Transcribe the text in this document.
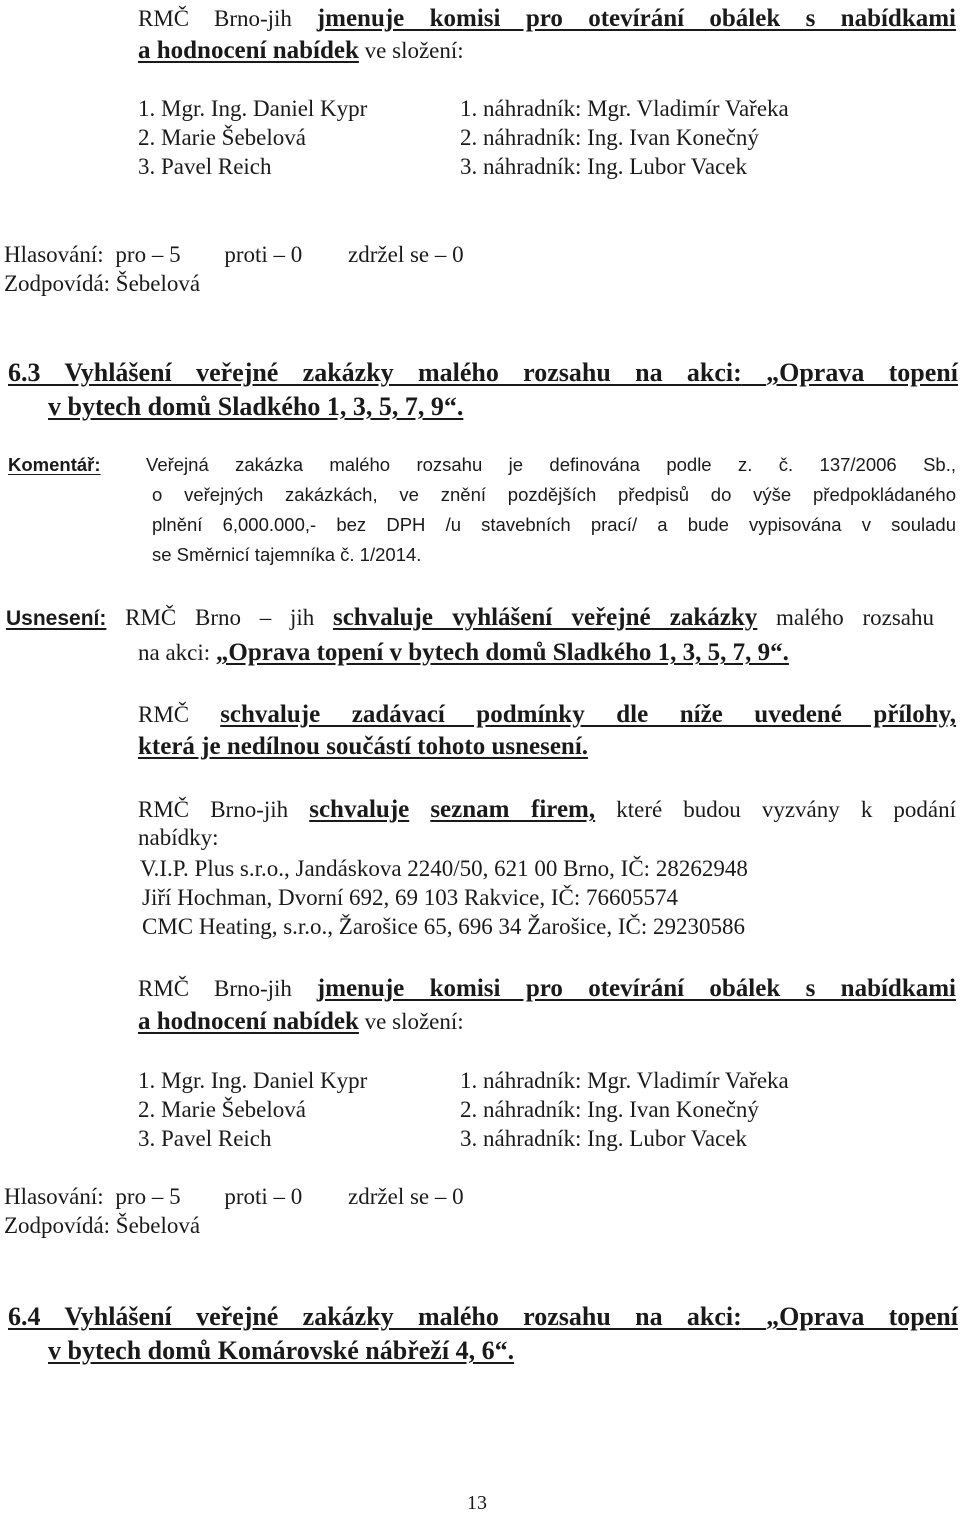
RMČ Brno-jih jmenuje komisi pro otevírání obálek s nabídkami
a hodnocení nabídek ve složení:
1. Mgr. Ing. Daniel Kypr	1. náhradník: Mgr. Vladimír Vařeka
2. Marie Šebelová	2. náhradník: Ing. Ivan Konečný
3. Pavel Reich	3. náhradník: Ing. Lubor Vacek
Hlasování: pro – 5 proti – 0 zdržel se – 0
Zodpovídá: Šebelová
6.3 Vyhlášení veřejné zakázky malého rozsahu na akci: „Oprava topení
v bytech domů Sladkého 1, 3, 5, 7, 9“.
Komentář: Veřejná zakázka malého rozsahu je definována podle z. č. 137/2006 Sb.,
o veřejných zakázkách, ve znění pozdějších předpisů do výše předpokládaného
plnění 6,000.000,- bez DPH /u stavebních prací/ a bude vypisována v souladu
se Směrnicí tajemníka č. 1/2014.
Usnesení: RMČ Brno – jih schvaluje vyhlášení veřejné zakázky malého rozsahu
na akci: „Oprava topení v bytech domů Sladkého 1, 3, 5, 7, 9“.
RMČ schvaluje zadávací podmínky dle níže uvedené přílohy,
která je nedílnou součástí tohoto usnesení.
RMČ Brno-jih schvaluje seznam firem, které budou vyzvány k podání
nabídky:
V.I.P. Plus s.r.o., Jandáskova 2240/50, 621 00 Brno, IČ: 28262948
Jiří Hochman, Dvorní 692, 69 103 Rakvice, IČ: 76605574
CMC Heating, s.r.o., Žarošice 65, 696 34 Žarošice, IČ: 29230586
RMČ Brno-jih jmenuje komisi pro otevírání obálek s nabídkami
a hodnocení nabídek ve složení:
1. Mgr. Ing. Daniel Kypr	1. náhradník: Mgr. Vladimír Vařeka
2. Marie Šebelová	2. náhradník: Ing. Ivan Konečný
3. Pavel Reich	3. náhradník: Ing. Lubor Vacek
Hlasování: pro – 5 proti – 0 zdržel se – 0
Zodpovídá: Šebelová
6.4 Vyhlášení veřejné zakázky malého rozsahu na akci: „Oprava topení
v bytech domů Komárovské nábřeží 4, 6“.
13
